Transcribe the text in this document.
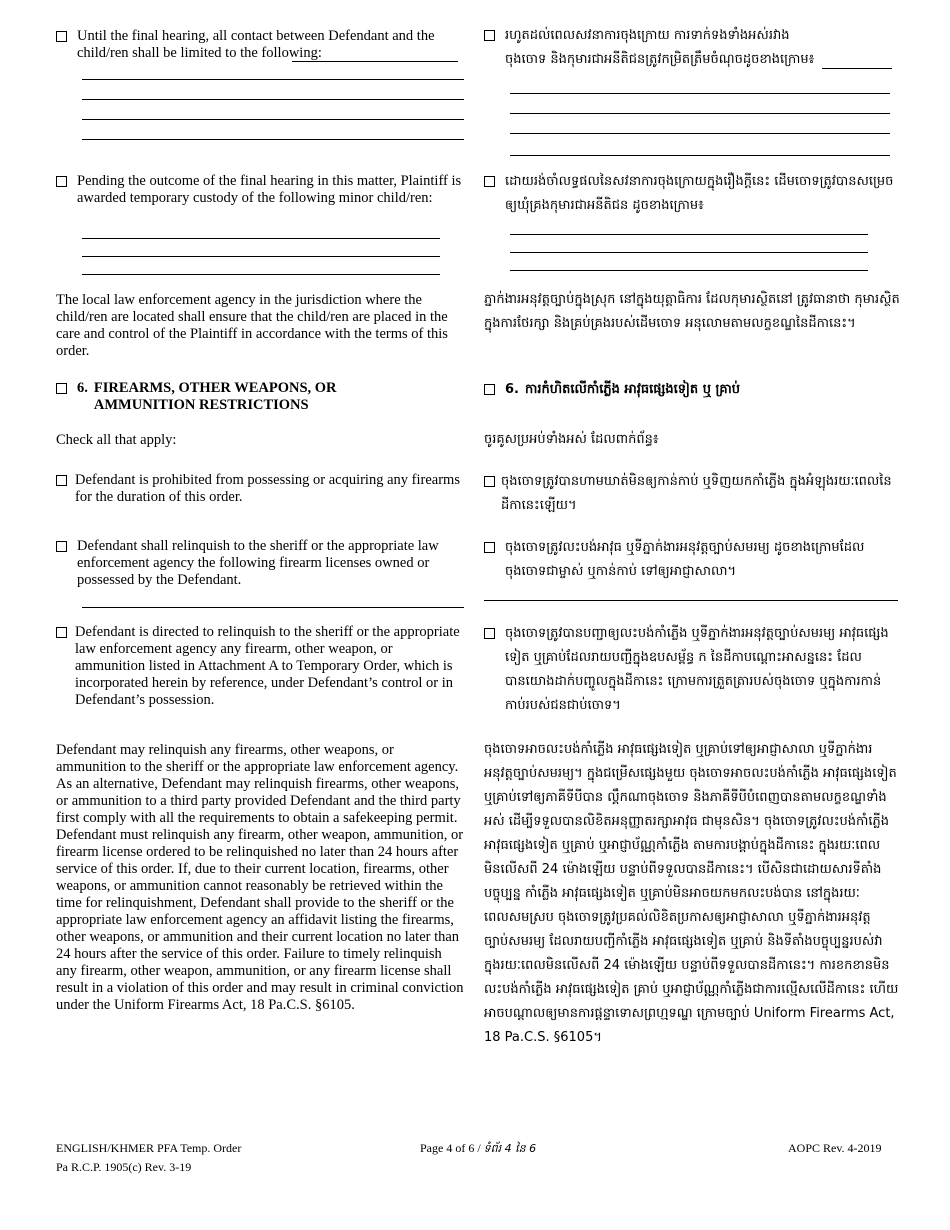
Until the final hearing, all contact between Defendant and the child/ren shall be limited to the following:
Pending the outcome of the final hearing in this matter, Plaintiff is awarded temporary custody of the following minor child/ren:

The local law enforcement agency in the jurisdiction where the child/ren are located shall ensure that the child/ren are placed in the care and control of the Plaintiff in accordance with the terms of this order.

6. FIREARMS, OTHER WEAPONS, OR AMMUNITION RESTRICTIONS

Check all that apply:

Defendant is prohibited from possessing or acquiring any firearms for the duration of this order.
Defendant shall relinquish to the sheriff or the appropriate law enforcement agency the following firearm licenses owned or possessed by the Defendant.
Defendant is directed to relinquish to the sheriff or the appropriate law enforcement agency any firearm, other weapon, or ammunition listed in Attachment A to Temporary Order, which is incorporated herein by reference, under Defendant’s control or in Defendant’s possession.

Defendant may relinquish any firearms, other weapons, or ammunition to the sheriff or the appropriate law enforcement agency. As an alternative, Defendant may relinquish firearms, other weapons, or ammunition to a third party provided Defendant and the third party first comply with all the requirements to obtain a safekeeping permit. Defendant must relinquish any firearm, other weapon, ammunition, or firearm license ordered to be relinquished no later than 24 hours after service of this order. If, due to their current location, firearms, other weapons, or ammunition cannot reasonably be retrieved within the time for relinquishment, Defendant shall provide to the sheriff or the appropriate law enforcement agency an affidavit listing the firearms, other weapons, or ammunition and their current location no later than 24 hours after the service of this order. Failure to timely relinquish any firearm, other weapon, ammunition, or any firearm license shall result in a violation of this order and may result in criminal conviction under the Uniform Firearms Act, 18 Pa.C.S. §6105.

រហូតដល់ពេលសវនាការចុងក្រោយ ការទាក់ទងទាំងអស់រវាងចុងចោទ និងកុមារជាអនីតិជនត្រូវកម្រិតត្រឹមចំណុចដូចខាងក្រោម៖
ដោយរង់ចាំលទ្ធផលនៃសវនាការចុងក្រោយក្នុងរឿងក្តីនេះ ដើមចោទត្រូវបានសម្រេចឲ្យឃុំគ្រងកុមារជាអនីតិជន ដូចខាងក្រោម៖

ភ្នាក់ងារអនុវត្តច្បាប់ក្នុងស្រុក នៅក្នុងយុត្តាធិការ ដែលកុមារស្ថិតនៅ ត្រូវធានាថា កុមារស្ថិតក្នុងការថែរក្សា និងគ្រប់គ្រងរបស់ដើមចោទ អនុលោមតាមលក្ខខណ្ឌនៃដីកានេះ។

6. ការកំហិតលើកាំភ្លើង អាវុធផ្សេងទៀត ឬ គ្រាប់

ចូរគូសប្រអប់ទាំងអស់ ដែលពាក់ព័ន្ធ៖

ចុងចោទត្រូវបានហាមឃាត់មិនឲ្យកាន់កាប់ ឬទិញយកកាំភ្លើង ក្នុងអំឡុងរយៈពេលនៃដីកានេះឡើយ។
ចុងចោទត្រូវលះបង់អាវុធ ឬទីភ្នាក់ងារអនុវត្តច្បាប់សមរម្យ ដូចខាងក្រោមដែលចុងចោទជាម្ចាស់ ឬកាន់កាប់ ទៅឲ្យអាជ្ញាសាលា។
ចុងចោទត្រូវបានបញ្ជាឲ្យលះបង់កាំភ្លើង ឬទីភ្នាក់ងារអនុវត្តច្បាប់សមរម្យ អាវុធផ្សេងទៀត ឬគ្រាប់ដែលរាយបញ្ជីក្នុងឧបសម្ព័ន្ធ ក នៃដីកាបណ្តោះអាសន្ននេះ ដែលបានយោងដាក់បញ្ចូលក្នុងដីកានេះ ក្រោមការត្រួតត្រារបស់ចុងចោទ ឬក្នុងការកាន់កាប់របស់ជនជាប់ចោទ។

ចុងចោទអាចលះបង់កាំភ្លើង អាវុធផ្សេងទៀត ឬគ្រាប់ទៅឲ្យអាជ្ញាសាលា ឬទីភ្នាក់ងារអនុវត្តច្បាប់សមរម្យ។ ក្នុងជម្រើសផ្សេងមួយ ចុងចោទអាចលះបង់កាំភ្លើង អាវុធផ្សេងទៀត ឬគ្រាប់ទៅឲ្យភាគីទីបីបាន ល្គឹកណាចុងចោទ និងភាគីទីបីបំពេញបានតាមលក្ខខណ្ឌទាំងអស់ ដើម្បីទទួលបានលិខិតអនុញ្ញាតរក្សាអាវុធ ជាមុនសិន។ ចុងចោទត្រូវលះបង់កាំភ្លើង អាវុធផ្សេងទៀត ឬគ្រាប់ ឬអាជ្ញាប័ណ្ណកាំភ្លើង តាមការបង្គាប់ក្នុងដីកានេះ ក្នុងរយៈពេលមិនលើសពី 24 ម៉ោងឡើយ បន្ទាប់ពីទទួលបានដីកានេះ។ បើសិនជាដោយសារទីតាំងបច្ចុប្បន្ន កាំភ្លើង អាវុធផ្សេងទៀត ឬគ្រាប់មិនអាចយកមកលះបង់បាន នៅក្នុងរយៈពេលសមស្រប ចុងចោទត្រូវប្រគល់លិខិតប្រកាសឲ្យអាជ្ញាសាលា ឬទីភ្នាក់ងារអនុវត្តច្បាប់សមរម្យ ដែលរាយបញ្ជីកាំភ្លើង អាវុធផ្សេងទៀត ឬគ្រាប់ និងទីតាំងបច្ចុប្បន្នរបស់វា ក្នុងរយៈពេលមិនលើសពី 24 ម៉ោងឡើយ បន្ទាប់ពីទទួលបានដីកានេះ។ ការខកខានមិនលះបង់កាំភ្លើង អាវុធផ្សេងទៀត គ្រាប់ ឬអាជ្ញាប័ណ្ណកាំភ្លើងជាការល្មើសលើដីកានេះ ហើយអាចបណ្តាលឲ្យមានការផ្តន្ទាទោសព្រហ្មទណ្ឌ ក្រោមច្បាប់ Uniform Firearms Act, 18 Pa.C.S. §6105។

ENGLISH/KHMER PFA Temp. Order
Pa R.C.P. 1905(c) Rev. 3-19
Page 4 of 6 / ទំព័រ 4 នៃ 6	AOPC Rev. 4-2019
